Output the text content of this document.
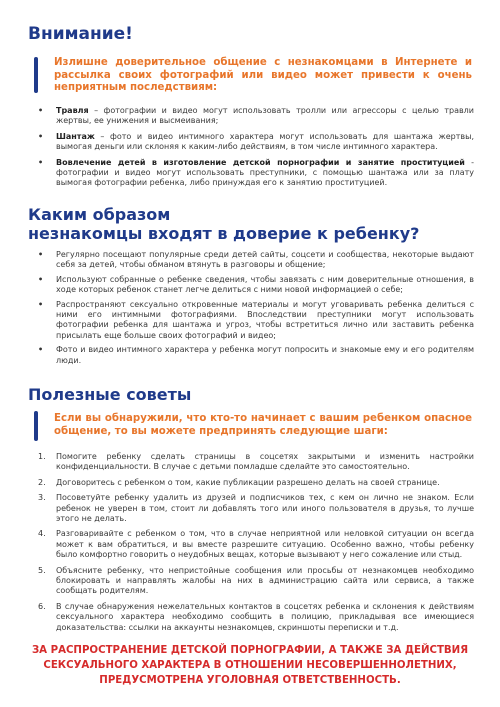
Внимание!

Излишне доверительное общение с незнакомцами в Интернете и рассылка своих фотографий или видео может привести к очень неприятным последствиям:

• Травля – фотографии и видео могут использовать тролли или агрессоры с целью травли жертвы, ее унижения и высмеивания;
• Шантаж – фото и видео интимного характера могут использовать для шантажа жертвы, вымогая деньги или склоняя к каким-либо действиям, в том числе интимного характера.
• Вовлечение детей в изготовление детской порнографии и занятие проституцией - фотографии и видео могут использовать преступники, с помощью шантажа или за плату вымогая фотографии ребенка, либо принуждая его к занятию проституцией.
Каким образом
незнакомцы входят в доверие к ребенку?
• Регулярно посещают популярные среди детей сайты, соцсети и сообщества, некоторые выдают себя за детей, чтобы обманом втянуть в разговоры и общение;
• Используют собранные о ребенке сведения, чтобы завязать с ним доверительные отношения, в ходе которых ребенок станет легче делиться с ними новой информацией о себе;
• Распространяют сексуально откровенные материалы и могут уговаривать ребенка делиться с ними его интимными фотографиями. Впоследствии преступники могут использовать фотографии ребенка для шантажа и угроз, чтобы встретиться лично или заставить ребенка присылать еще больше своих фотографий и видео;
• Фото и видео интимного характера у ребенка могут попросить и знакомые ему и его родителям люди.
Полезные советы

Если вы обнаружили, что кто-то начинает с вашим ребенком опасное общение, то вы можете предпринять следующие шаги:

1. Помогите ребенку сделать страницы в соцсетях закрытыми и изменить настройки конфиденциальности. В случае с детьми помладше сделайте это самостоятельно.
2. Договоритесь с ребенком о том, какие публикации разрешено делать на своей странице.
3. Посоветуйте ребенку удалить из друзей и подписчиков тех, с кем он лично не знаком. Если ребенок не уверен в том, стоит ли добавлять того или иного пользователя в друзья, то лучше этого не делать.
4. Разговаривайте с ребенком о том, что в случае неприятной или неловкой ситуации он всегда может к вам обратиться, и вы вместе разрешите ситуацию. Особенно важно, чтобы ребенку было комфортно говорить о неудобных вещах, которые вызывают у него сожаление или стыд.
5. Объясните ребенку, что непристойные сообщения или просьбы от незнакомцев необходимо блокировать и направлять жалобы на них в администрацию сайта или сервиса, а также сообщать родителям.
6. В случае обнаружения нежелательных контактов в соцсетях ребенка и склонения к действиям сексуального характера необходимо сообщить в полицию, прикладывая все имеющиеся доказательства: ссылки на аккаунты незнакомцев, скриншоты переписки и т.д.

ЗА РАСПРОСТРАНЕНИЕ ДЕТСКОЙ ПОРНОГРАФИИ, А ТАКЖЕ ЗА ДЕЙСТВИЯ СЕКСУАЛЬНОГО ХАРАКТЕРА В ОТНОШЕНИИ НЕСОВЕРШЕННОЛЕТНИХ, ПРЕДУСМОТРЕНА УГОЛОВНАЯ ОТВЕТСТВЕННОСТЬ.
